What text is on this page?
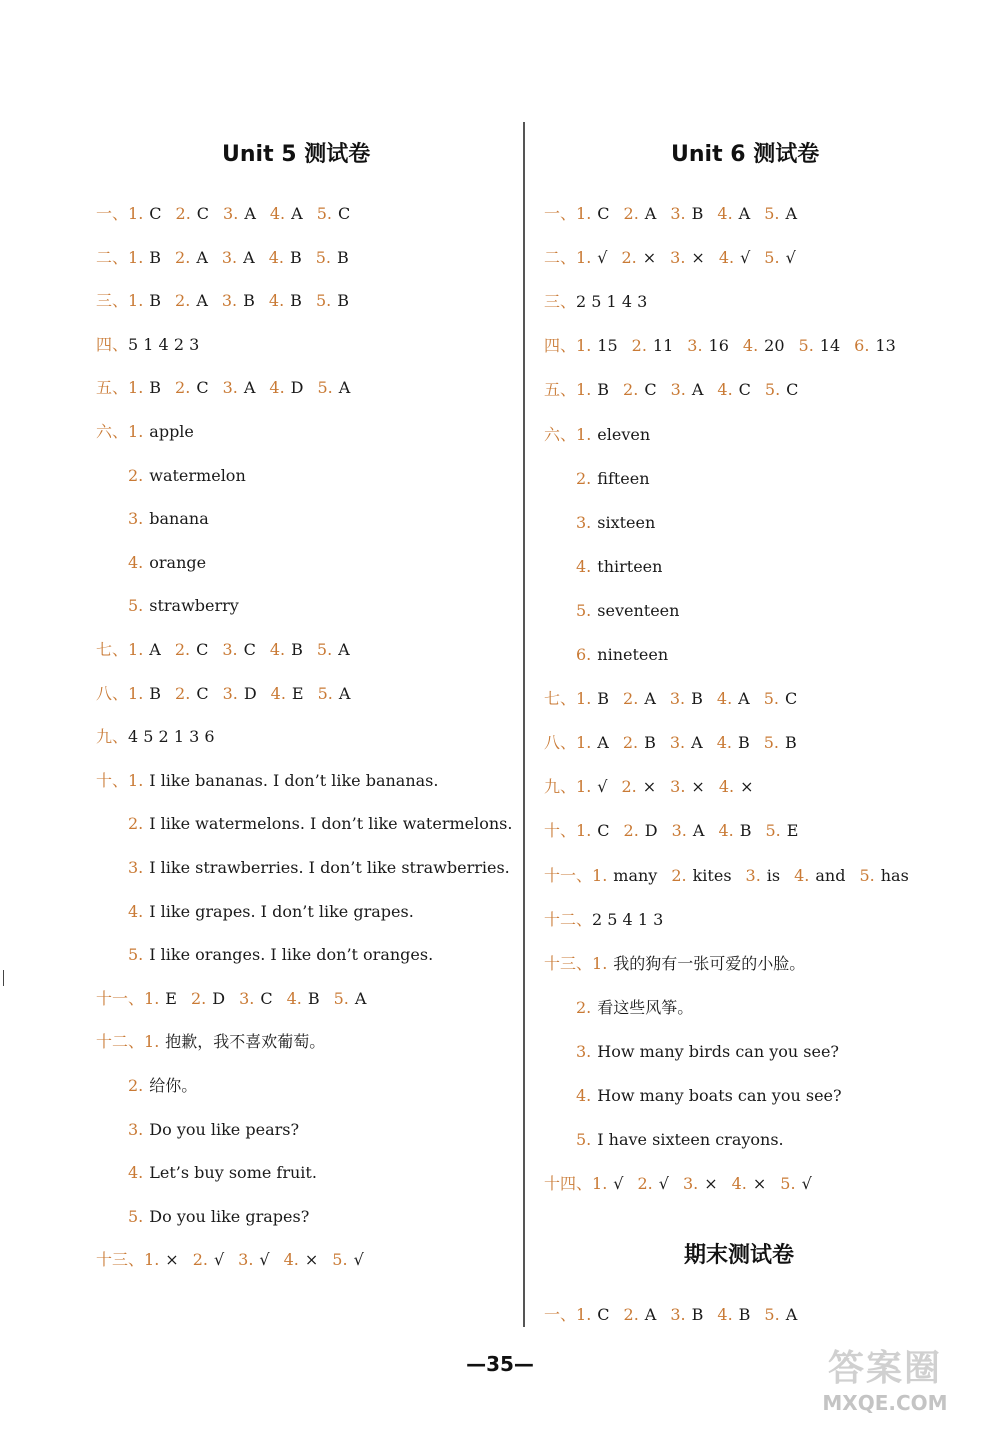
Unit 5 测试卷
一、1. C 2. C 3. A 4. A 5. C
二、1. B 2. A 3. A 4. B 5. B
三、1. B 2. A 3. B 4. B 5. B
四、5 1 4 2 3
五、1. B 2. C 3. A 4. D 5. A
六、1. apple
2. watermelon
3. banana
4. orange
5. strawberry
七、1. A 2. C 3. C 4. B 5. A
八、1. B 2. C 3. D 4. E 5. A
九、4 5 2 1 3 6
十、1. I like bananas. I don’t like bananas.
2. I like watermelons. I don’t like watermelons.
3. I like strawberries. I don’t like strawberries.
4. I like grapes. I don’t like grapes.
5. I like oranges. I like don’t oranges.
十一、1. E 2. D 3. C 4. B 5. A
十二、1. 抱歉，我不喜欢葡萄。
2. 给你。
3. Do you like pears?
4. Let’s buy some fruit.
5. Do you like grapes?
十三、1. × 2. √ 3. √ 4. × 5. √
Unit 6 测试卷
期末测试卷
一、1. C 2. A 3. B 4. A 5. A
二、1. √ 2. × 3. × 4. √ 5. √
三、2 5 1 4 3
四、1. 15 2. 11 3. 16 4. 20 5. 14 6. 13
五、1. B 2. C 3. A 4. C 5. C
六、1. eleven
2. fifteen
3. sixteen
4. thirteen
5. seventeen
6. nineteen
七、1. B 2. A 3. B 4. A 5. C
八、1. A 2. B 3. A 4. B 5. B
九、1. √ 2. × 3. × 4. ×
十、1. C 2. D 3. A 4. B 5. E
十一、1. many 2. kites 3. is 4. and 5. has
十二、2 5 4 1 3
十三、1. 我的狗有一张可爱的小脸。
2. 看这些风筝。
3. How many birds can you see?
4. How many boats can you see?
5. I have sixteen crayons.
十四、1. √ 2. √ 3. × 4. × 5. √
一、1. C 2. A 3. B 4. B 5. A
—35—	答案圈
MXQE.COM
